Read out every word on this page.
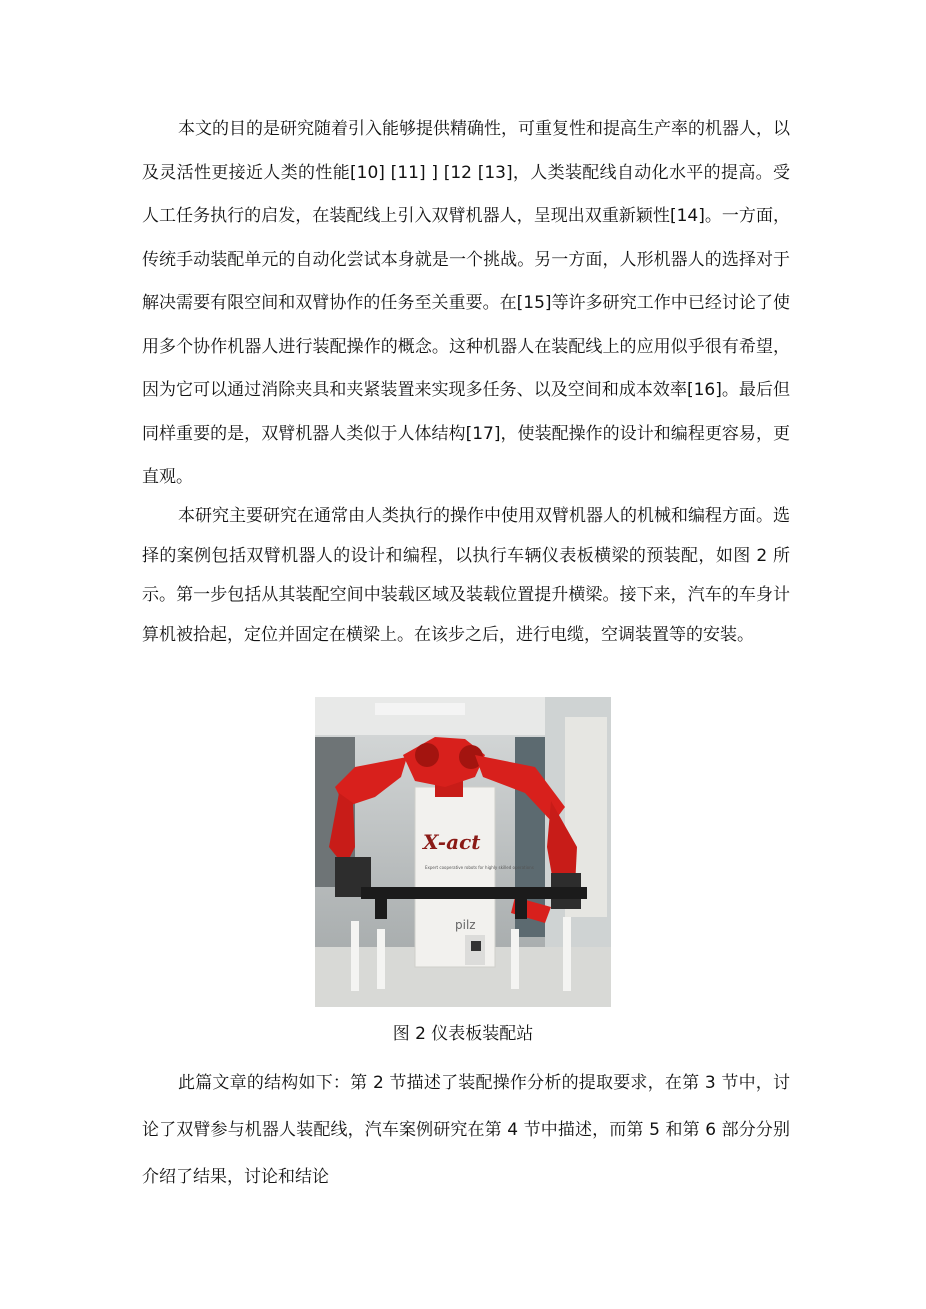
本文的目的是研究随着引入能够提供精确性，可重复性和提高生产率的机器人，以及灵活性更接近人类的性能[10] [11] ] [12 [13]，人类装配线自动化水平的提高。受人工任务执行的启发，在装配线上引入双臂机器人，呈现出双重新颖性[14]。一方面，传统手动装配单元的自动化尝试本身就是一个挑战。另一方面，人形机器人的选择对于解决需要有限空间和双臂协作的任务至关重要。在[15]等许多研究工作中已经讨论了使用多个协作机器人进行装配操作的概念。这种机器人在装配线上的应用似乎很有希望，因为它可以通过消除夹具和夹紧装置来实现多任务、以及空间和成本效率[16]。最后但同样重要的是，双臂机器人类似于人体结构[17]，使装配操作的设计和编程更容易，更直观。

本研究主要研究在通常由人类执行的操作中使用双臂机器人的机械和编程方面。选择的案例包括双臂机器人的设计和编程，以执行车辆仪表板横梁的预装配，如图 2 所示。第一步包括从其装配空间中装载区域及装载位置提升横梁。接下来，汽车的车身计算机被拾起，定位并固定在横梁上。在该步之后，进行电缆，空调装置等的安装。

X-act
Expert cooperative robots for highly skilled operations
pilz
图 2 仪表板装配站

此篇文章的结构如下：第 2 节描述了装配操作分析的提取要求，在第 3 节中，讨论了双臂参与机器人装配线，汽车案例研究在第 4 节中描述，而第 5 和第 6 部分分别介绍了结果，讨论和结论
